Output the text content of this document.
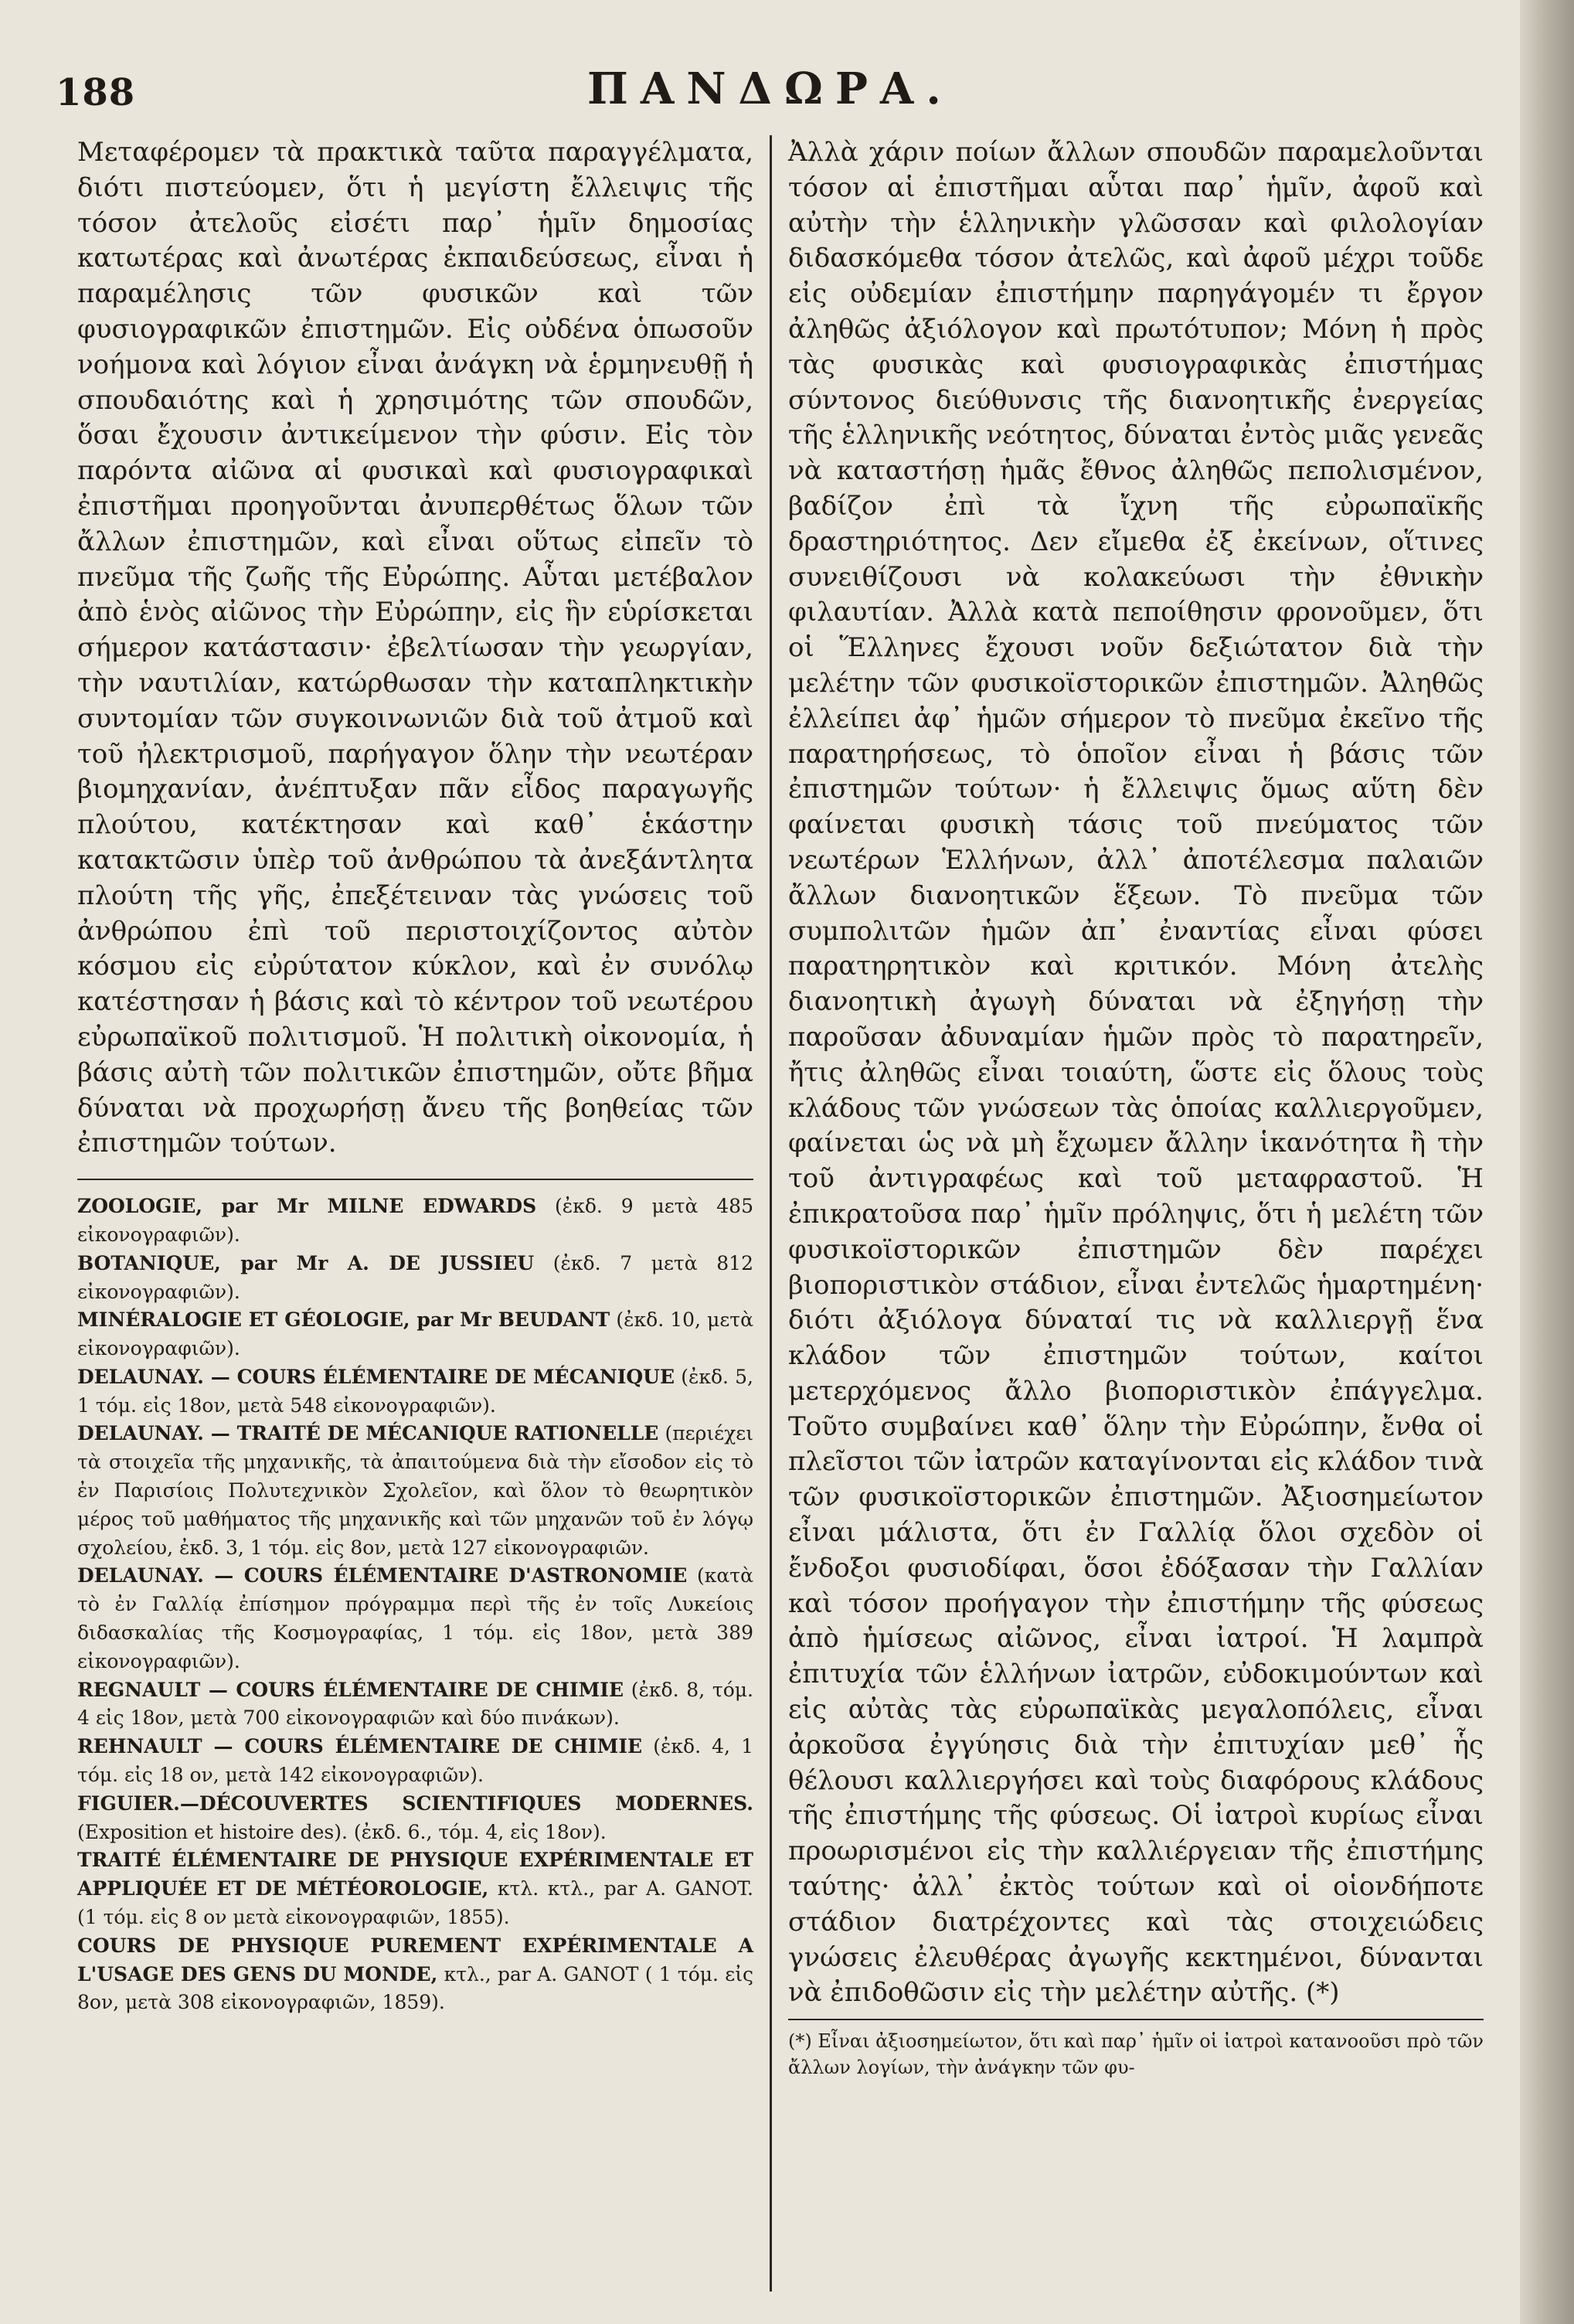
188	ΠΑΝΔΩΡΑ.

Μεταφέρομεν τὰ πρακτικὰ ταῦτα παραγγέλματα, διότι πιστεύομεν, ὅτι ἡ μεγίστη ἔλλειψις τῆς τόσον ἀτελοῦς εἰσέτι παρ᾽ ἡμῖν δημοσίας κατωτέρας καὶ ἀνωτέρας ἐκπαιδεύσεως, εἶναι ἡ παραμέλησις τῶν φυσικῶν καὶ τῶν φυσιογραφικῶν ἐπιστημῶν. Εἰς οὐδένα ὁπωσοῦν νοήμονα καὶ λόγιον εἶναι ἀνάγκη νὰ ἑρμηνευθῇ ἡ σπουδαιότης καὶ ἡ χρησιμότης τῶν σπουδῶν, ὅσαι ἔχουσιν ἀντικείμενον τὴν φύσιν. Εἰς τὸν παρόντα αἰῶνα αἱ φυσικαὶ καὶ φυσιογραφικαὶ ἐπιστῆμαι προηγοῦνται ἀνυπερθέτως ὅλων τῶν ἄλλων ἐπιστημῶν, καὶ εἶναι οὕτως εἰπεῖν τὸ πνεῦμα τῆς ζωῆς τῆς Εὐρώπης. Αὗται μετέβαλον ἀπὸ ἑνὸς αἰῶνος τὴν Εὐρώπην, εἰς ἣν εὑρίσκεται σήμερον κατάστασιν· ἐβελτίωσαν τὴν γεωργίαν, τὴν ναυτιλίαν, κατώρθωσαν τὴν καταπληκτικὴν συντομίαν τῶν συγκοινωνιῶν διὰ τοῦ ἀτμοῦ καὶ τοῦ ἠλεκτρισμοῦ, παρήγαγον ὅλην τὴν νεωτέραν βιομηχανίαν, ἀνέπτυξαν πᾶν εἶδος παραγωγῆς πλούτου, κατέκτησαν καὶ καθ᾽ ἑκάστην κατακτῶσιν ὑπὲρ τοῦ ἀνθρώπου τὰ ἀνεξάντλητα πλούτη τῆς γῆς, ἐπεξέτειναν τὰς γνώσεις τοῦ ἀνθρώπου ἐπὶ τοῦ περιστοιχίζοντος αὐτὸν κόσμου εἰς εὐρύτατον κύκλον, καὶ ἐν συνόλῳ κατέστησαν ἡ βάσις καὶ τὸ κέντρον τοῦ νεωτέρου εὐρωπαϊκοῦ πολιτισμοῦ. Ἡ πολιτικὴ οἰκονομία, ἡ βάσις αὐτὴ τῶν πολιτικῶν ἐπιστημῶν, οὔτε βῆμα δύναται νὰ προχωρήσῃ ἄνευ τῆς βοηθείας τῶν ἐπιστημῶν τούτων.

ZOOLOGIE, par Mr MILNE EDWARDS (ἐκδ. 9 μετὰ 485 εἰκονογραφιῶν).

BOTANIQUE, par Mr A. DE JUSSIEU (ἐκδ. 7 μετὰ 812 εἰκονογραφιῶν).

MINÉRALOGIE ET GÉOLOGIE, par Mr BEUDANT (ἐκδ. 10, μετὰ εἰκονογραφιῶν).

DELAUNAY. — COURS ÉLÉMENTAIRE DE MÉCANIQUE (ἐκδ. 5, 1 τόμ. εἰς 18ον, μετὰ 548 εἰκονογραφιῶν).

DELAUNAY. — TRAITÉ DE MÉCANIQUE RATIONELLE (περιέχει τὰ στοιχεῖα τῆς μηχανικῆς, τὰ ἀπαιτούμενα διὰ τὴν εἴσοδον εἰς τὸ ἐν Παρισίοις Πολυτεχνικὸν Σχολεῖον, καὶ ὅλον τὸ θεωρητικὸν μέρος τοῦ μαθήματος τῆς μηχανικῆς καὶ τῶν μηχανῶν τοῦ ἐν λόγῳ σχολείου, ἐκδ. 3, 1 τόμ. εἰς 8ον, μετὰ 127 εἰκονογραφιῶν.

DELAUNAY. — COURS ÉLÉMENTAIRE D'ASTRONOMIE (κατὰ τὸ ἐν Γαλλίᾳ ἐπίσημον πρόγραμμα περὶ τῆς ἐν τοῖς Λυκείοις διδασκαλίας τῆς Κοσμογραφίας, 1 τόμ. εἰς 18ον, μετὰ 389 εἰκονογραφιῶν).

REGNAULT — COURS ÉLÉMENTAIRE DE CHIMIE (ἐκδ. 8, τόμ. 4 εἰς 18ον, μετὰ 700 εἰκονογραφιῶν καὶ δύο πινάκων).

REHNAULT — COURS ÉLÉMENTAIRE DE CHIMIE (ἐκδ. 4, 1 τόμ. εἰς 18 ον, μετὰ 142 εἰκονογραφιῶν).

FIGUIER.—DÉCOUVERTES SCIENTIFIQUES MODERNES. (Exposition et histoire des). (ἐκδ. 6., τόμ. 4, εἰς 18ον).

TRAITÉ ÉLÉMENTAIRE DE PHYSIQUE EXPÉRIMENTALE ET APPLIQUÉE ET DE MÉTÉOROLOGIE, κτλ. κτλ., par A. GANOT. (1 τόμ. εἰς 8 ον μετὰ εἰκονογραφιῶν, 1855).

COURS DE PHYSIQUE PUREMENT EXPÉRIMENTALE A L'USAGE DES GENS DU MONDE, κτλ., par A. GANOT ( 1 τόμ. εἰς 8ον, μετὰ 308 εἰκονογραφιῶν, 1859).

Ἀλλὰ χάριν ποίων ἄλλων σπουδῶν παραμελοῦνται τόσον αἱ ἐπιστῆμαι αὗται παρ᾽ ἡμῖν, ἀφοῦ καὶ αὐτὴν τὴν ἑλληνικὴν γλῶσσαν καὶ φιλολογίαν διδασκόμεθα τόσον ἀτελῶς, καὶ ἀφοῦ μέχρι τοῦδε εἰς οὐδεμίαν ἐπιστήμην παρηγάγομέν τι ἔργον ἀληθῶς ἀξιόλογον καὶ πρωτότυπον; Μόνη ἡ πρὸς τὰς φυσικὰς καὶ φυσιογραφικὰς ἐπιστήμας σύντονος διεύθυνσις τῆς διανοητικῆς ἐνεργείας τῆς ἑλληνικῆς νεότητος, δύναται ἐντὸς μιᾶς γενεᾶς νὰ καταστήσῃ ἡμᾶς ἔθνος ἀληθῶς πεπολισμένον, βαδίζον ἐπὶ τὰ ἴχνη τῆς εὐρωπαϊκῆς δραστηριότητος. Δεν εἴμεθα ἐξ ἐκείνων, οἵτινες συνειθίζουσι νὰ κολακεύωσι τὴν ἐθνικὴν φιλαυτίαν. Ἀλλὰ κατὰ πεποίθησιν φρονοῦμεν, ὅτι οἱ Ἕλληνες ἔχουσι νοῦν δεξιώτατον διὰ τὴν μελέτην τῶν φυσικοϊστορικῶν ἐπιστημῶν. Ἀληθῶς ἐλλείπει ἀφ᾽ ἡμῶν σήμερον τὸ πνεῦμα ἐκεῖνο τῆς παρατηρήσεως, τὸ ὁποῖον εἶναι ἡ βάσις τῶν ἐπιστημῶν τούτων· ἡ ἔλλειψις ὅμως αὕτη δὲν φαίνεται φυσικὴ τάσις τοῦ πνεύματος τῶν νεωτέρων Ἑλλήνων, ἀλλ᾽ ἀποτέλεσμα παλαιῶν ἄλλων διανοητικῶν ἕξεων. Τὸ πνεῦμα τῶν συμπολιτῶν ἡμῶν ἀπ᾽ ἐναντίας εἶναι φύσει παρατηρητικὸν καὶ κριτικόν. Μόνη ἀτελὴς διανοητικὴ ἀγωγὴ δύναται νὰ ἐξηγήσῃ τὴν παροῦσαν ἀδυναμίαν ἡμῶν πρὸς τὸ παρατηρεῖν, ἤτις ἀληθῶς εἶναι τοιαύτη, ὥστε εἰς ὅλους τοὺς κλάδους τῶν γνώσεων τὰς ὁποίας καλλιεργοῦμεν, φαίνεται ὡς νὰ μὴ ἔχωμεν ἄλλην ἱκανότητα ἢ τὴν τοῦ ἀντιγραφέως καὶ τοῦ μεταφραστοῦ. Ἡ ἐπικρατοῦσα παρ᾽ ἡμῖν πρόληψις, ὅτι ἡ μελέτη τῶν φυσικοϊστορικῶν ἐπιστημῶν δὲν παρέχει βιοποριστικὸν στάδιον, εἶναι ἐντελῶς ἡμαρτημένη· διότι ἀξιόλογα δύναταί τις νὰ καλλιεργῇ ἕνα κλάδον τῶν ἐπιστημῶν τούτων, καίτοι μετερχόμενος ἄλλο βιοποριστικὸν ἐπάγγελμα. Τοῦτο συμβαίνει καθ᾽ ὅλην τὴν Εὐρώπην, ἔνθα οἱ πλεῖστοι τῶν ἰατρῶν καταγίνονται εἰς κλάδον τινὰ τῶν φυσικοϊστορικῶν ἐπιστημῶν. Ἀξιοσημείωτον εἶναι μάλιστα, ὅτι ἐν Γαλλίᾳ ὅλοι σχεδὸν οἱ ἔνδοξοι φυσιοδίφαι, ὅσοι ἐδόξασαν τὴν Γαλλίαν καὶ τόσον προήγαγον τὴν ἐπιστήμην τῆς φύσεως ἀπὸ ἡμίσεως αἰῶνος, εἶναι ἰατροί. Ἡ λαμπρὰ ἐπιτυχία τῶν ἑλλήνων ἰατρῶν, εὐδοκιμούντων καὶ εἰς αὐτὰς τὰς εὐρωπαϊκὰς μεγαλοπόλεις, εἶναι ἀρκοῦσα ἐγγύησις διὰ τὴν ἐπιτυχίαν μεθ᾽ ἧς θέλουσι καλλιεργήσει καὶ τοὺς διαφόρους κλάδους τῆς ἐπιστήμης τῆς φύσεως. Οἱ ἰατροὶ κυρίως εἶναι προωρισμένοι εἰς τὴν καλλιέργειαν τῆς ἐπιστήμης ταύτης· ἀλλ᾽ ἐκτὸς τούτων καὶ οἱ οἱονδήποτε στάδιον διατρέχοντες καὶ τὰς στοιχειώδεις γνώσεις ἐλευθέρας ἀγωγῆς κεκτημένοι, δύνανται νὰ ἐπιδοθῶσιν εἰς τὴν μελέτην αὐτῆς. (*)

(*) Εἶναι ἀξιοσημείωτον, ὅτι καὶ παρ᾽ ἡμῖν οἱ ἰατροὶ κατανοοῦσι πρὸ τῶν ἄλλων λογίων, τὴν ἀνάγκην τῶν φυ-
